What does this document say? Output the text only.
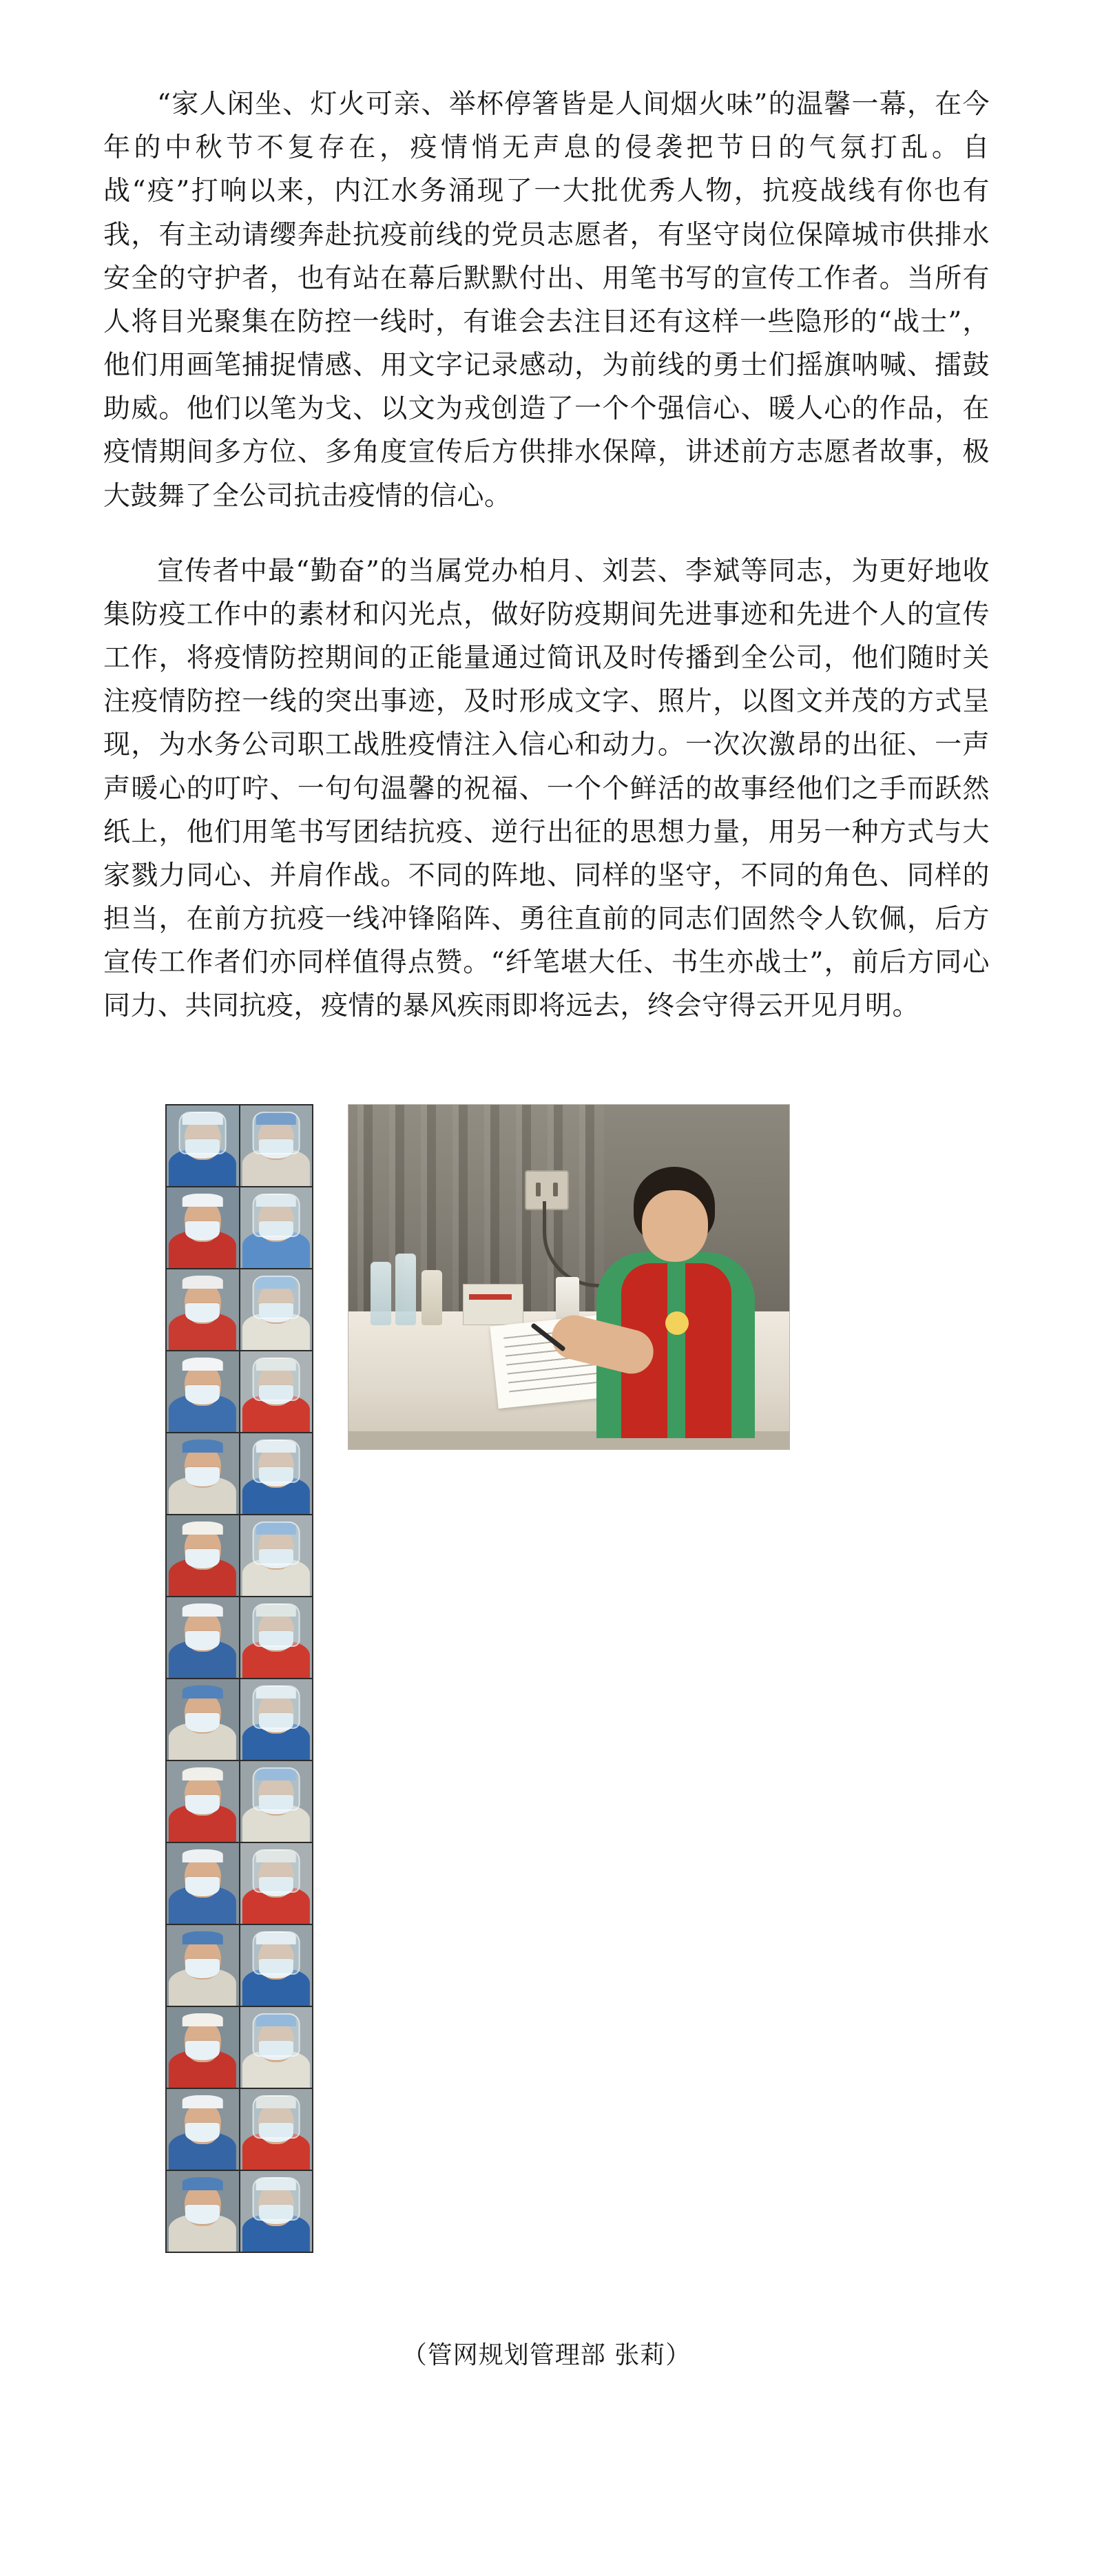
“家人闲坐、灯火可亲、举杯停箸皆是人间烟火味”的温馨一幕，在今年的中秋节不复存在，疫情悄无声息的侵袭把节日的气氛打乱。自战“疫”打响以来，内江水务涌现了一大批优秀人物，抗疫战线有你也有我，有主动请缨奔赴抗疫前线的党员志愿者，有坚守岗位保障城市供排水安全的守护者，也有站在幕后默默付出、用笔书写的宣传工作者。当所有人将目光聚集在防控一线时，有谁会去注目还有这样一些隐形的“战士”，他们用画笔捕捉情感、用文字记录感动，为前线的勇士们摇旗呐喊、擂鼓助威。他们以笔为戈、以文为戎创造了一个个强信心、暖人心的作品，在疫情期间多方位、多角度宣传后方供排水保障，讲述前方志愿者故事，极大鼓舞了全公司抗击疫情的信心。

宣传者中最“勤奋”的当属党办柏月、刘芸、李斌等同志，为更好地收集防疫工作中的素材和闪光点，做好防疫期间先进事迹和先进个人的宣传工作，将疫情防控期间的正能量通过简讯及时传播到全公司，他们随时关注疫情防控一线的突出事迹，及时形成文字、照片，以图文并茂的方式呈现，为水务公司职工战胜疫情注入信心和动力。一次次激昂的出征、一声声暖心的叮咛、一句句温馨的祝福、一个个鲜活的故事经他们之手而跃然纸上，他们用笔书写团结抗疫、逆行出征的思想力量，用另一种方式与大家戮力同心、并肩作战。不同的阵地、同样的坚守，不同的角色、同样的担当，在前方抗疫一线冲锋陷阵、勇往直前的同志们固然令人钦佩，后方宣传工作者们亦同样值得点赞。“纤笔堪大任、书生亦战士”，前后方同心同力、共同抗疫，疫情的暴风疾雨即将远去，终会守得云开见月明。

（管网规划管理部 张莉）
